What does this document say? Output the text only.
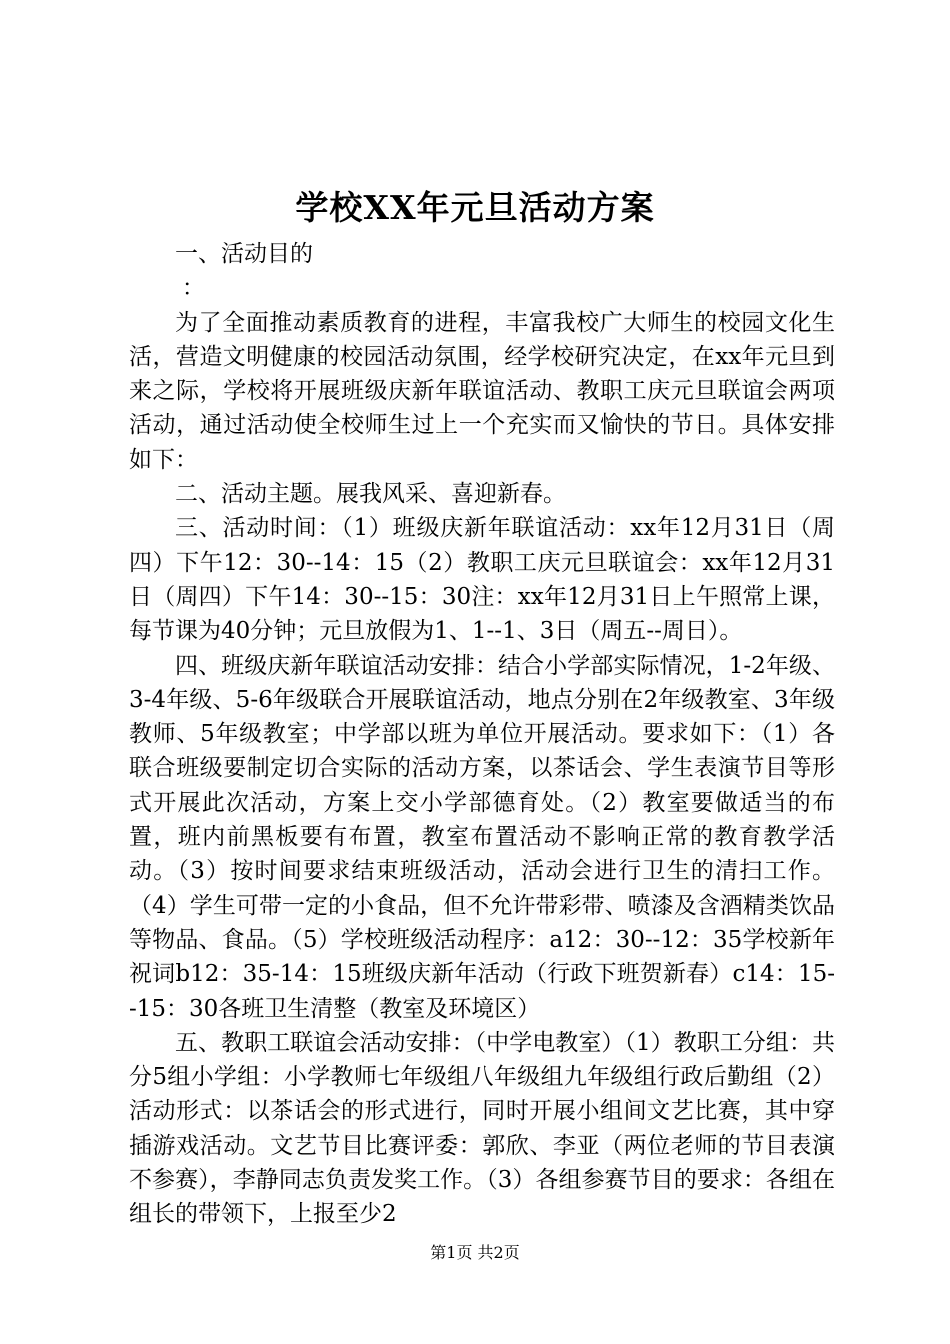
学校XX年元旦活动方案

一、活动目的

：

为了全面推动素质教育的进程，丰富我校广大师生的校园文化生活，营造文明健康的校园活动氛围，经学校研究决定，在xx年元旦到来之际，学校将开展班级庆新年联谊活动、教职工庆元旦联谊会两项活动，通过活动使全校师生过上一个充实而又愉快的节日。具体安排如下：

二、活动主题。展我风采、喜迎新春。

三、活动时间：（1）班级庆新年联谊活动：xx年12月31日（周四）下午12：30--14：15（2）教职工庆元旦联谊会：xx年12月31日（周四）下午14：30--15：30注：xx年12月31日上午照常上课，每节课为40分钟；元旦放假为1、1--1、3日（周五--周日）。

四、班级庆新年联谊活动安排：结合小学部实际情况，1-2年级、3-4年级、5-6年级联合开展联谊活动，地点分别在2年级教室、3年级教师、5年级教室；中学部以班为单位开展活动。要求如下：（1）各联合班级要制定切合实际的活动方案，以茶话会、学生表演节目等形式开展此次活动，方案上交小学部德育处。（2）教室要做适当的布置，班内前黑板要有布置，教室布置活动不影响正常的教育教学活动。（3）按时间要求结束班级活动，活动会进行卫生的清扫工作。（4）学生可带一定的小食品，但不允许带彩带、喷漆及含酒精类饮品等物品、食品。（5）学校班级活动程序：a12：30--12：35学校新年祝词b12：35-14：15班级庆新年活动（行政下班贺新春）c14：15--15：30各班卫生清整（教室及环境区）

五、教职工联谊会活动安排：（中学电教室）（1）教职工分组：共分5组小学组：小学教师七年级组八年级组九年级组行政后勤组（2）活动形式：以茶话会的形式进行，同时开展小组间文艺比赛，其中穿插游戏活动。文艺节目比赛评委：郭欣、李亚（两位老师的节目表演不参赛），李静同志负责发奖工作。（3）各组参赛节目的要求：各组在组长的带领下，上报至少2

第1页 共2页
